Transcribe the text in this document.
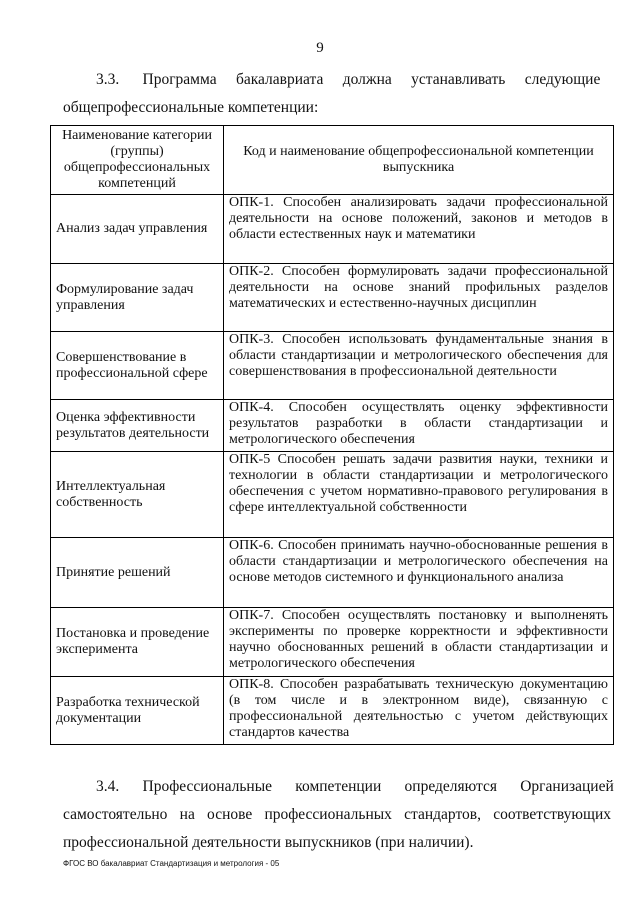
9
3.3.      Программа     бакалавриата     должна     устанавливать     следующие
общепрофессиональные компетенции:
Наименование категории (группы) общепрофессиональных компетенций	Код и наименование общепрофессиональной компетенции выпускника
Анализ задач управления	ОПК-1. Способен анализировать задачи профессиональной деятельности на основе положений, законов и методов в области естественных наук и математики
Формулирование задач управления	ОПК-2. Способен формулировать задачи профессиональной деятельности на основе знаний профильных разделов математических и естественно-научных дисциплин
Совершенствование в профессиональной сфере	ОПК-3. Способен использовать фундаментальные знания в области стандартизации и метрологического обеспечения для совершенствования в профессиональной деятельности
Оценка эффективности результатов деятельности	ОПК-4. Способен осуществлять оценку эффективности результатов разработки в области стандартизации и метрологического обеспечения
Интеллектуальная собственность	ОПК-5 Способен решать задачи развития науки, техники и технологии в области стандартизации и метрологического обеспечения с учетом нормативно-правового регулирования в сфере интеллектуальной собственности
Принятие решений	ОПК-6. Способен принимать научно-обоснованные решения в области стандартизации и метрологического обеспечения на основе методов системного и функционального анализа
Постановка и проведение эксперимента	ОПК-7. Способен осуществлять постановку и выполненять эксперименты по проверке корректности и эффективности научно обоснованных решений в области стандартизации и метрологического обеспечения
Разработка технической документации	ОПК-8. Способен разрабатывать техническую документацию (в том числе и в электронном виде), связанную с профессиональной деятельностью с учетом действующих стандартов качества
3.4.      Профессиональные      компетенции      определяются      Организацией
самостоятельно на основе профессиональных стандартов, соответствующих
профессиональной деятельности выпускников (при наличии).
ФГОС ВО бакалавриат Стандартизация и метрология - 05
